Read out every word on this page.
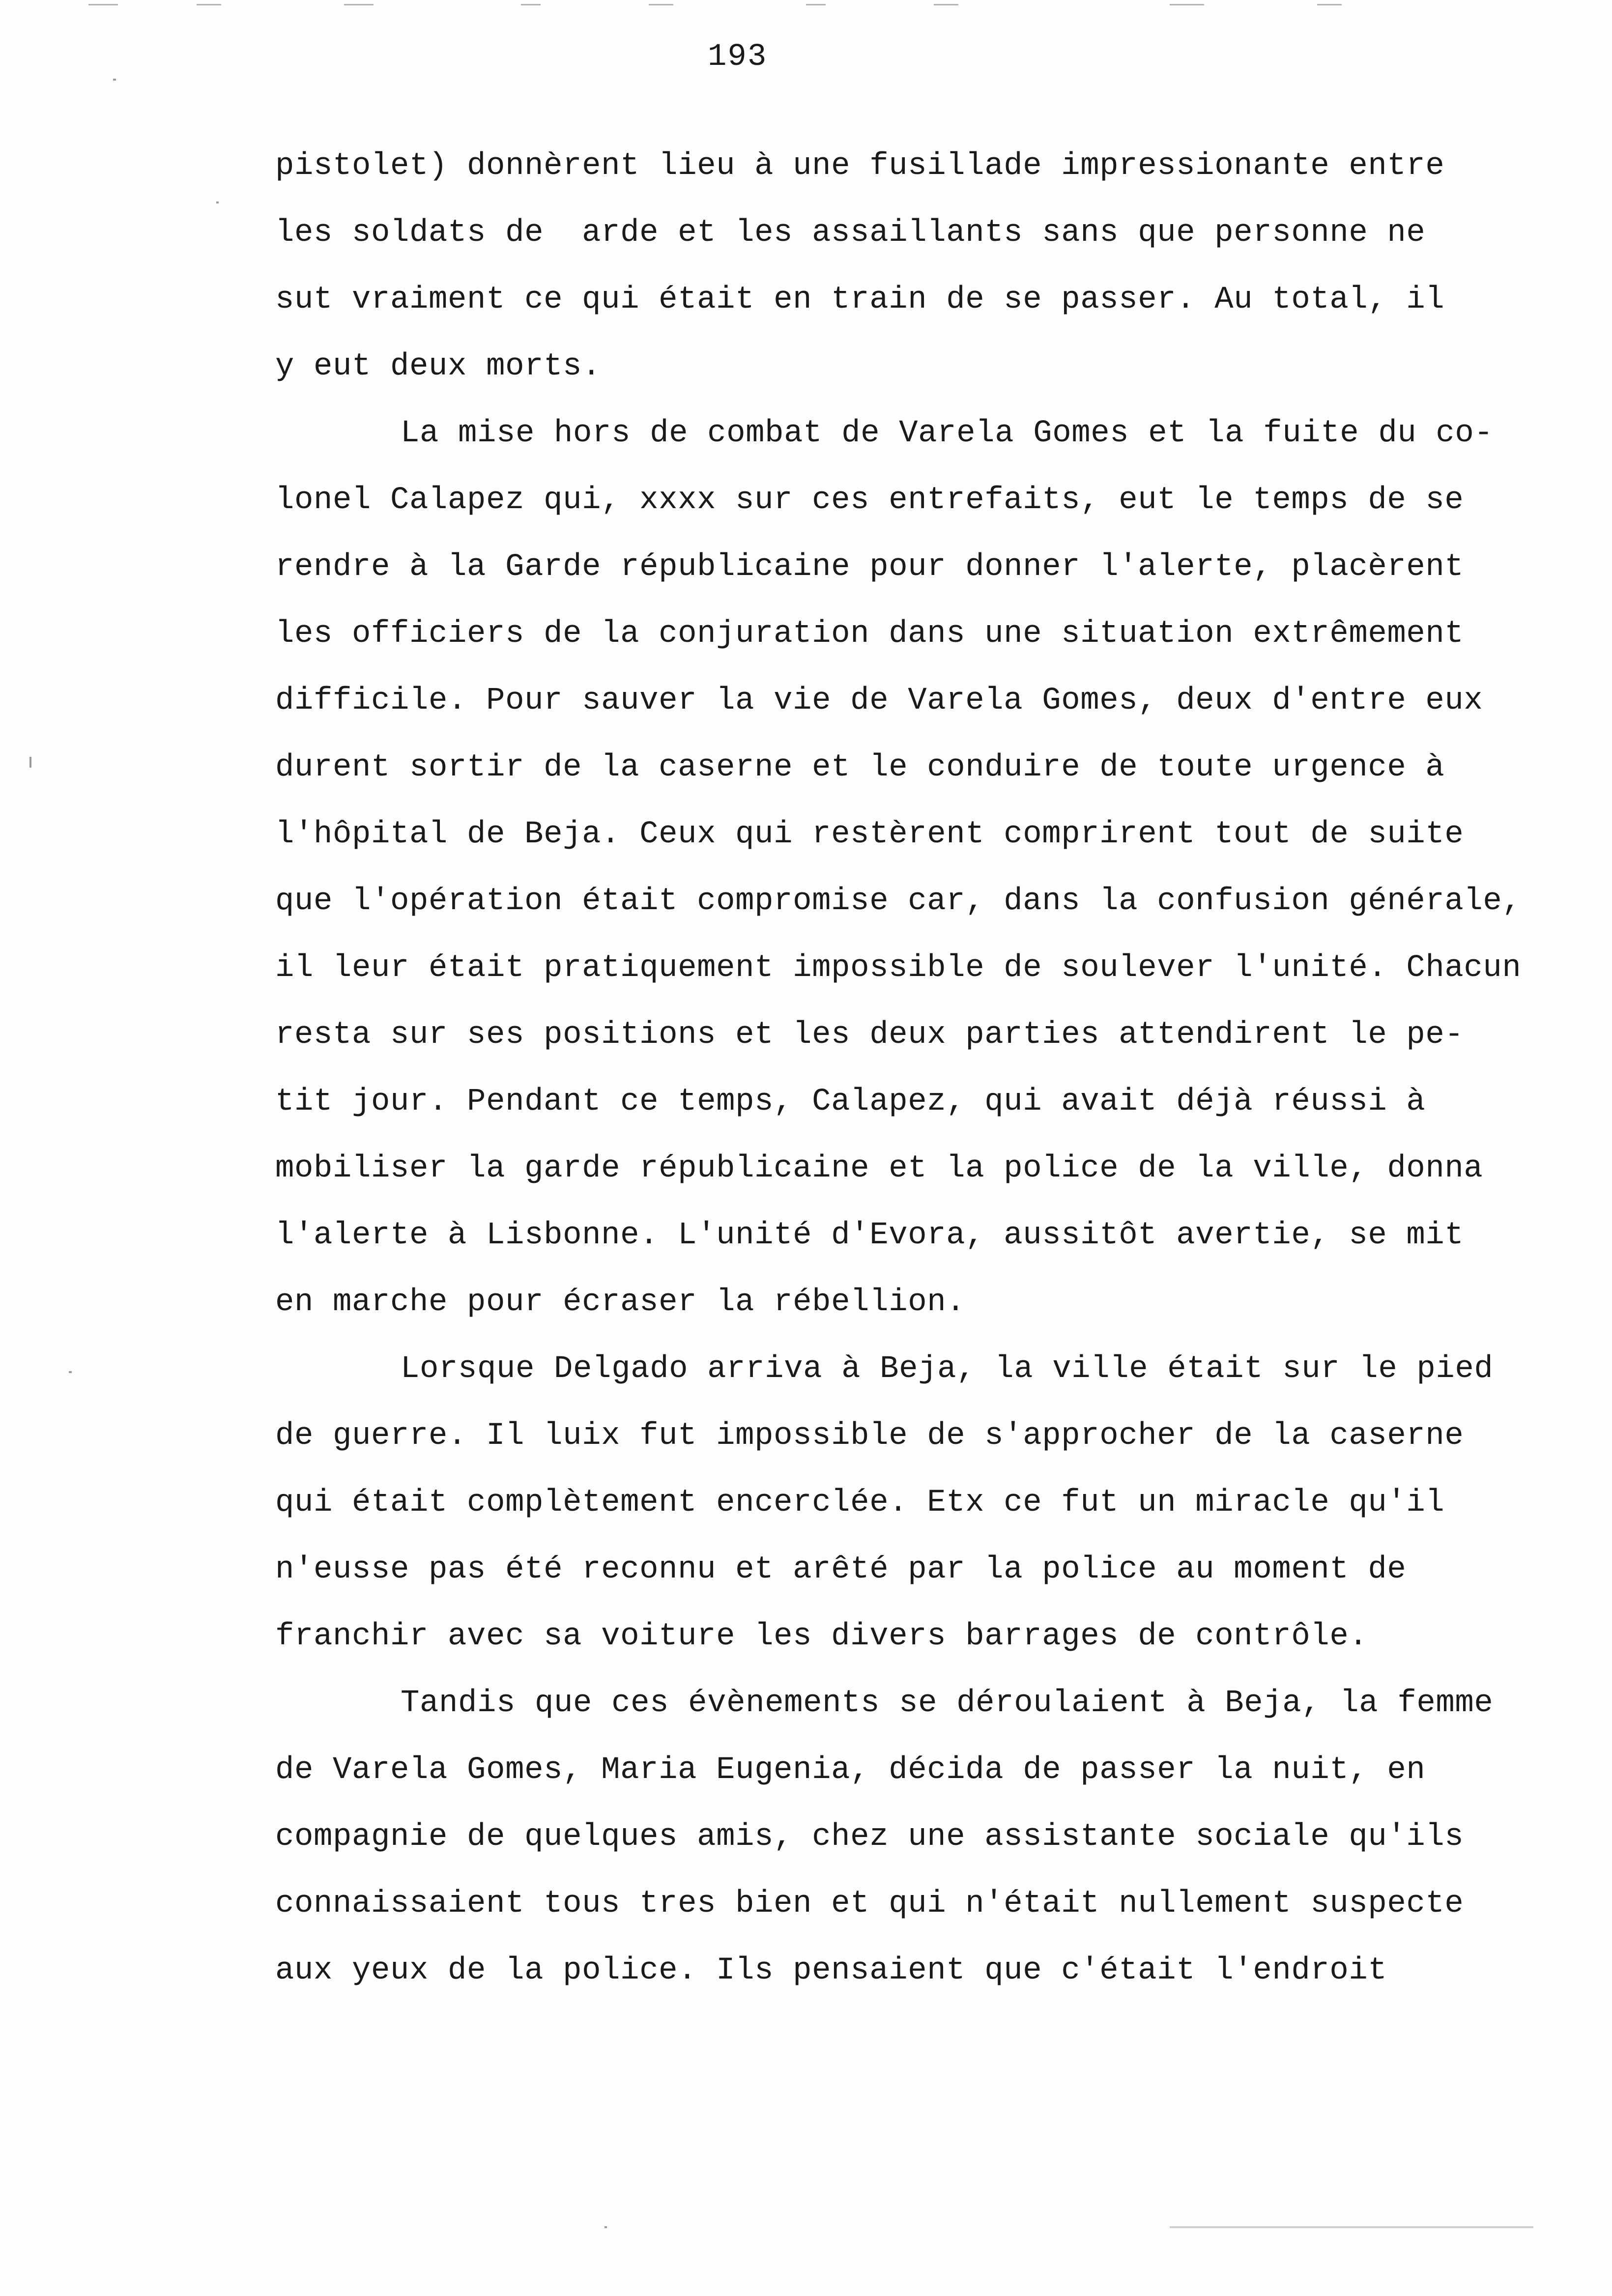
193
pistolet) donnèrent lieu à une fusillade impressionante entre
les soldats de  arde et les assaillants sans que personne ne
sut vraiment ce qui était en train de se passer. Au total, il
y eut deux morts.
La mise hors de combat de Varela Gomes et la fuite du co-
lonel Calapez qui, xxxx sur ces entrefaits, eut le temps de se
rendre à la Garde républicaine pour donner l'alerte, placèrent
les officiers de la conjuration dans une situation extrêmement
difficile. Pour sauver la vie de Varela Gomes, deux d'entre eux
durent sortir de la caserne et le conduire de toute urgence à
l'hôpital de Beja. Ceux qui restèrent comprirent tout de suite
que l'opération était compromise car, dans la confusion générale,
il leur était pratiquement impossible de soulever l'unité. Chacun
resta sur ses positions et les deux parties attendirent le pe-
tit jour. Pendant ce temps, Calapez, qui avait déjà réussi à
mobiliser la garde républicaine et la police de la ville, donna
l'alerte à Lisbonne. L'unité d'Evora, aussitôt avertie, se mit
en marche pour écraser la rébellion.
Lorsque Delgado arriva à Beja, la ville était sur le pied
de guerre. Il luix fut impossible de s'approcher de la caserne
qui était complètement encerclée. Etx ce fut un miracle qu'il
n'eusse pas été reconnu et arêté par la police au moment de
franchir avec sa voiture les divers barrages de contrôle.
Tandis que ces évènements se déroulaient à Beja, la femme
de Varela Gomes, Maria Eugenia, décida de passer la nuit, en
compagnie de quelques amis, chez une assistante sociale qu'ils
connaissaient tous tres bien et qui n'était nullement suspecte
aux yeux de la police. Ils pensaient que c'était l'endroit
